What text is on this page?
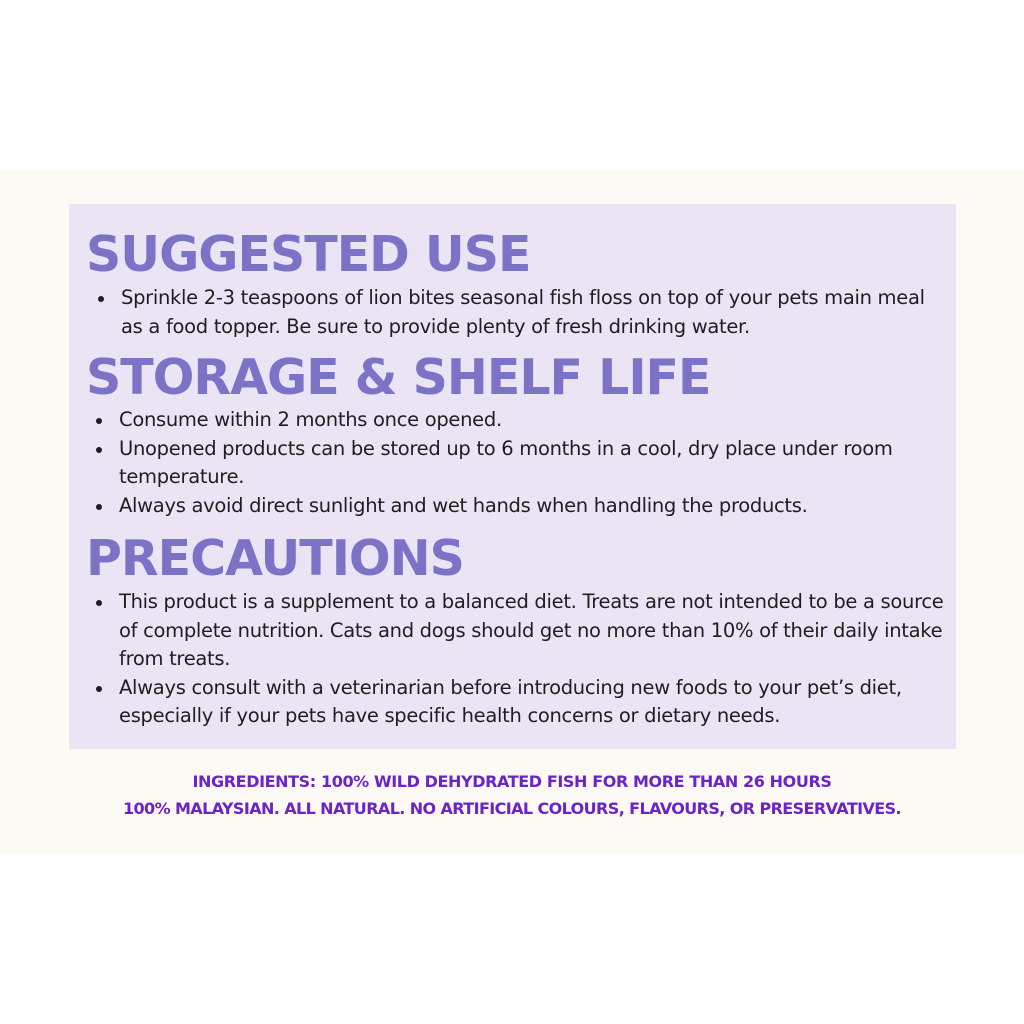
SUGGESTED USE
Sprinkle 2-3 teaspoons of lion bites seasonal fish floss on top of your pets main meal as a food topper. Be sure to provide plenty of fresh drinking water.
STORAGE & SHELF LIFE
Consume within 2 months once opened.
Unopened products can be stored up to 6 months in a cool, dry place under room temperature.
Always avoid direct sunlight and wet hands when handling the products.
PRECAUTIONS
This product is a supplement to a balanced diet. Treats are not intended to be a source of complete nutrition. Cats and dogs should get no more than 10% of their daily intake from treats.
Always consult with a veterinarian before introducing new foods to your pet’s diet, especially if your pets have specific health concerns or dietary needs.

INGREDIENTS: 100% WILD DEHYDRATED FISH FOR MORE THAN 26 HOURS

100% MALAYSIAN. ALL NATURAL. NO ARTIFICIAL COLOURS, FLAVOURS, OR PRESERVATIVES.
